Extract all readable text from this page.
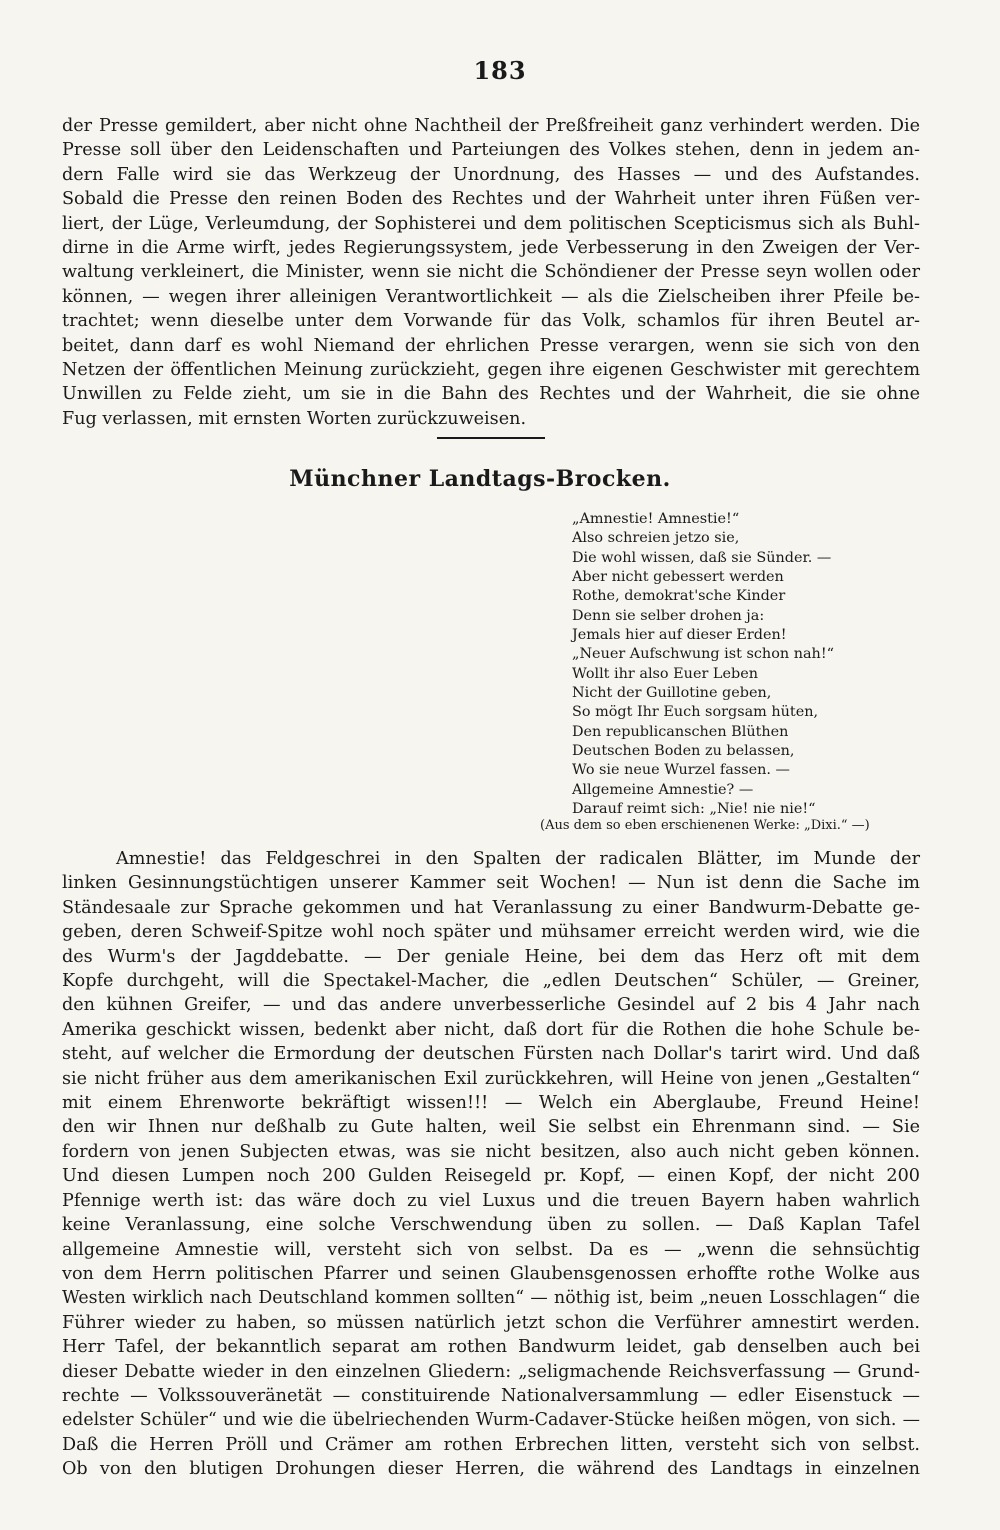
183
der Presse gemildert, aber nicht ohne Nachtheil der Preßfreiheit ganz verhindert werden. Die
Presse soll über den Leidenschaften und Parteiungen des Volkes stehen, denn in jedem an-
dern Falle wird sie das Werkzeug der Unordnung, des Hasses — und des Aufstandes.
Sobald die Presse den reinen Boden des Rechtes und der Wahrheit unter ihren Füßen ver-
liert, der Lüge, Verleumdung, der Sophisterei und dem politischen Scepticismus sich als Buhl-
dirne in die Arme wirft, jedes Regierungssystem, jede Verbesserung in den Zweigen der Ver-
waltung verkleinert, die Minister, wenn sie nicht die Schöndiener der Presse seyn wollen oder
können, — wegen ihrer alleinigen Verantwortlichkeit — als die Zielscheiben ihrer Pfeile be-
trachtet; wenn dieselbe unter dem Vorwande für das Volk, schamlos für ihren Beutel ar-
beitet, dann darf es wohl Niemand der ehrlichen Presse verargen, wenn sie sich von den
Netzen der öffentlichen Meinung zurückzieht, gegen ihre eigenen Geschwister mit gerechtem
Unwillen zu Felde zieht, um sie in die Bahn des Rechtes und der Wahrheit, die sie ohne
Fug verlassen, mit ernsten Worten zurückzuweisen.
Münchner Landtags-Brocken.
„Amnestie! Amnestie!“
Also schreien jetzo sie,
Die wohl wissen, daß sie Sünder. —
Aber nicht gebessert werden
Rothe, demokrat'sche Kinder
Denn sie selber drohen ja:
Jemals hier auf dieser Erden!
„Neuer Aufschwung ist schon nah!“
Wollt ihr also Euer Leben
Nicht der Guillotine geben,
So mögt Ihr Euch sorgsam hüten,
Den republicanschen Blüthen
Deutschen Boden zu belassen,
Wo sie neue Wurzel fassen. —
Allgemeine Amnestie? —
Darauf reimt sich: „Nie! nie nie!“
(Aus dem so eben erschienenen Werke: „Dixi.“ —)
Amnestie! das Feldgeschrei in den Spalten der radicalen Blätter, im Munde der
linken Gesinnungstüchtigen unserer Kammer seit Wochen! — Nun ist denn die Sache im
Ständesaale zur Sprache gekommen und hat Veranlassung zu einer Bandwurm-Debatte ge-
geben, deren Schweif-Spitze wohl noch später und mühsamer erreicht werden wird, wie die
des Wurm's der Jagddebatte. — Der geniale Heine, bei dem das Herz oft mit dem
Kopfe durchgeht, will die Spectakel-Macher, die „edlen Deutschen“ Schüler, — Greiner,
den kühnen Greifer, — und das andere unverbesserliche Gesindel auf 2 bis 4 Jahr nach
Amerika geschickt wissen, bedenkt aber nicht, daß dort für die Rothen die hohe Schule be-
steht, auf welcher die Ermordung der deutschen Fürsten nach Dollar's tarirt wird. Und daß
sie nicht früher aus dem amerikanischen Exil zurückkehren, will Heine von jenen „Gestalten“
mit einem Ehrenworte bekräftigt wissen!!! — Welch ein Aberglaube, Freund Heine!
den wir Ihnen nur deßhalb zu Gute halten, weil Sie selbst ein Ehrenmann sind. — Sie
fordern von jenen Subjecten etwas, was sie nicht besitzen, also auch nicht geben können.
Und diesen Lumpen noch 200 Gulden Reisegeld pr. Kopf, — einen Kopf, der nicht 200
Pfennige werth ist: das wäre doch zu viel Luxus und die treuen Bayern haben wahrlich
keine Veranlassung, eine solche Verschwendung üben zu sollen. — Daß Kaplan Tafel
allgemeine Amnestie will, versteht sich von selbst. Da es — „wenn die sehnsüchtig
von dem Herrn politischen Pfarrer und seinen Glaubensgenossen erhoffte rothe Wolke aus
Westen wirklich nach Deutschland kommen sollten“ — nöthig ist, beim „neuen Losschlagen“ die
Führer wieder zu haben, so müssen natürlich jetzt schon die Verführer amnestirt werden.
Herr Tafel, der bekanntlich separat am rothen Bandwurm leidet, gab denselben auch bei
dieser Debatte wieder in den einzelnen Gliedern: „seligmachende Reichsverfassung — Grund-
rechte — Volkssouveränetät — constituirende Nationalversammlung — edler Eisenstuck —
edelster Schüler“ und wie die übelriechenden Wurm-Cadaver-Stücke heißen mögen, von sich. —
Daß die Herren Pröll und Crämer am rothen Erbrechen litten, versteht sich von selbst.
Ob von den blutigen Drohungen dieser Herren, die während des Landtags in einzelnen
